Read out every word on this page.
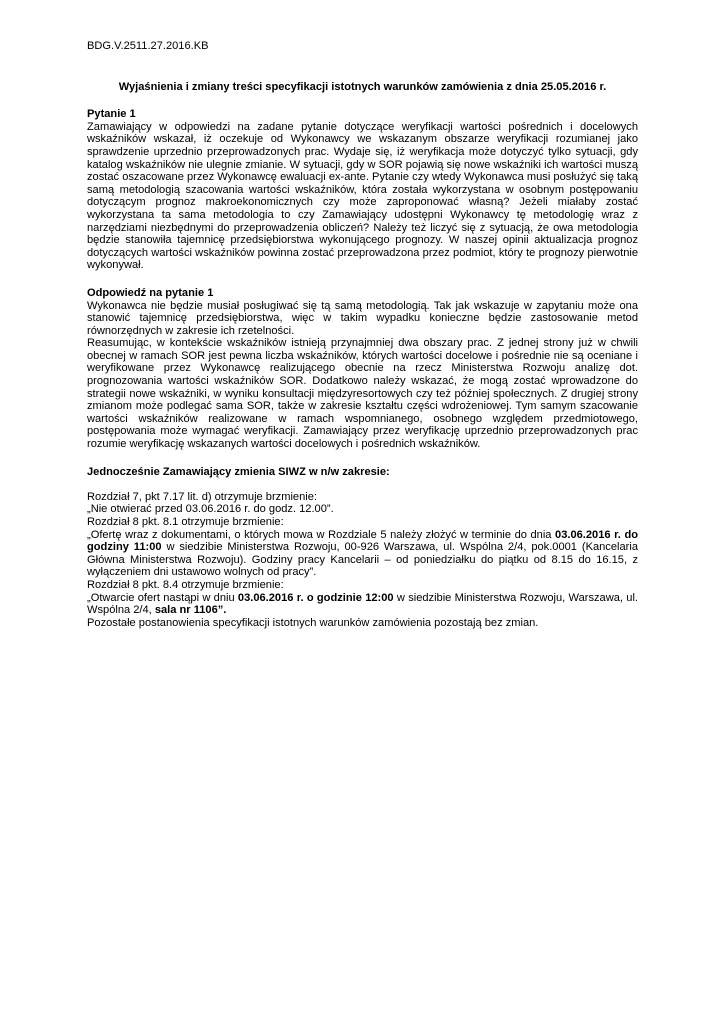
BDG.V.2511.27.2016.KB

Wyjaśnienia i zmiany treści specyfikacji istotnych warunków zamówienia z dnia 25.05.2016 r.

Pytanie 1

Zamawiający w odpowiedzi na zadane pytanie dotyczące weryfikacji wartości pośrednich i docelowych wskaźników wskazał, iż oczekuje od Wykonawcy we wskazanym obszarze weryfikacji rozumianej jako sprawdzenie uprzednio przeprowadzonych prac. Wydaje się, iż weryfikacja może dotyczyć tylko sytuacji, gdy katalog wskaźników nie ulegnie zmianie. W sytuacji, gdy w SOR pojawią się nowe wskaźniki ich wartości muszą zostać oszacowane przez Wykonawcę ewaluacji ex-ante. Pytanie czy wtedy Wykonawca musi posłużyć się taką samą metodologią szacowania wartości wskaźników, która została wykorzystana w osobnym postępowaniu dotyczącym prognoz makroekonomicznych czy może zaproponować własną? Jeżeli miałaby zostać wykorzystana ta sama metodologia to czy Zamawiający udostępni Wykonawcy tę metodologię wraz z narzędziami niezbędnymi do przeprowadzenia obliczeń? Należy też liczyć się z sytuacją, że owa metodologia będzie stanowiła tajemnicę przedsiębiorstwa wykonującego prognozy. W naszej opinii aktualizacja prognoz dotyczących wartości wskaźników powinna zostać przeprowadzona przez podmiot, który te prognozy pierwotnie wykonywał.

Odpowiedź na pytanie 1

Wykonawca nie będzie musiał posługiwać się tą samą metodologią. Tak jak wskazuje w zapytaniu może ona stanowić tajemnicę przedsiębiorstwa, więc w takim wypadku konieczne będzie zastosowanie metod równorzędnych w zakresie ich rzetelności.

Reasumując, w kontekście wskaźników istnieją przynajmniej dwa obszary prac. Z jednej strony już w chwili obecnej w ramach SOR jest pewna liczba wskaźników, których wartości docelowe i pośrednie nie są oceniane i weryfikowane przez Wykonawcę realizującego obecnie na rzecz Ministerstwa Rozwoju analizę dot. prognozowania wartości wskaźników SOR. Dodatkowo należy wskazać, że mogą zostać wprowadzone do strategii nowe wskaźniki, w wyniku konsultacji międzyresortowych czy też później społecznych. Z drugiej strony zmianom może podlegać sama SOR, także w zakresie kształtu części wdrożeniowej. Tym samym szacowanie wartości wskaźników realizowane w ramach wspomnianego, osobnego względem przedmiotowego, postępowania może wymagać weryfikacji. Zamawiający przez weryfikację uprzednio przeprowadzonych prac rozumie weryfikację wskazanych wartości docelowych i pośrednich wskaźników.

Jednocześnie Zamawiający zmienia SIWZ w n/w zakresie:

Rozdział 7, pkt 7.17 lit. d) otrzymuje brzmienie:

„Nie otwierać przed 03.06.2016 r. do godz. 12.00”.

Rozdział 8 pkt. 8.1 otrzymuje brzmienie:

„Ofertę wraz z dokumentami, o których mowa w Rozdziale 5 należy złożyć w terminie do dnia 03.06.2016 r. do godziny 11:00 w siedzibie Ministerstwa Rozwoju, 00-926 Warszawa, ul. Wspólna 2/4, pok.0001 (Kancelaria Główna Ministerstwa Rozwoju). Godziny pracy Kancelarii – od poniedziałku do piątku od 8.15 do 16.15, z wyłączeniem dni ustawowo wolnych od pracy”.

Rozdział 8 pkt. 8.4 otrzymuje brzmienie:

„Otwarcie ofert nastąpi w dniu 03.06.2016 r. o godzinie 12:00 w siedzibie Ministerstwa Rozwoju, Warszawa, ul. Wspólna 2/4, sala nr 1106”.

Pozostałe postanowienia specyfikacji istotnych warunków zamówienia pozostają bez zmian.
